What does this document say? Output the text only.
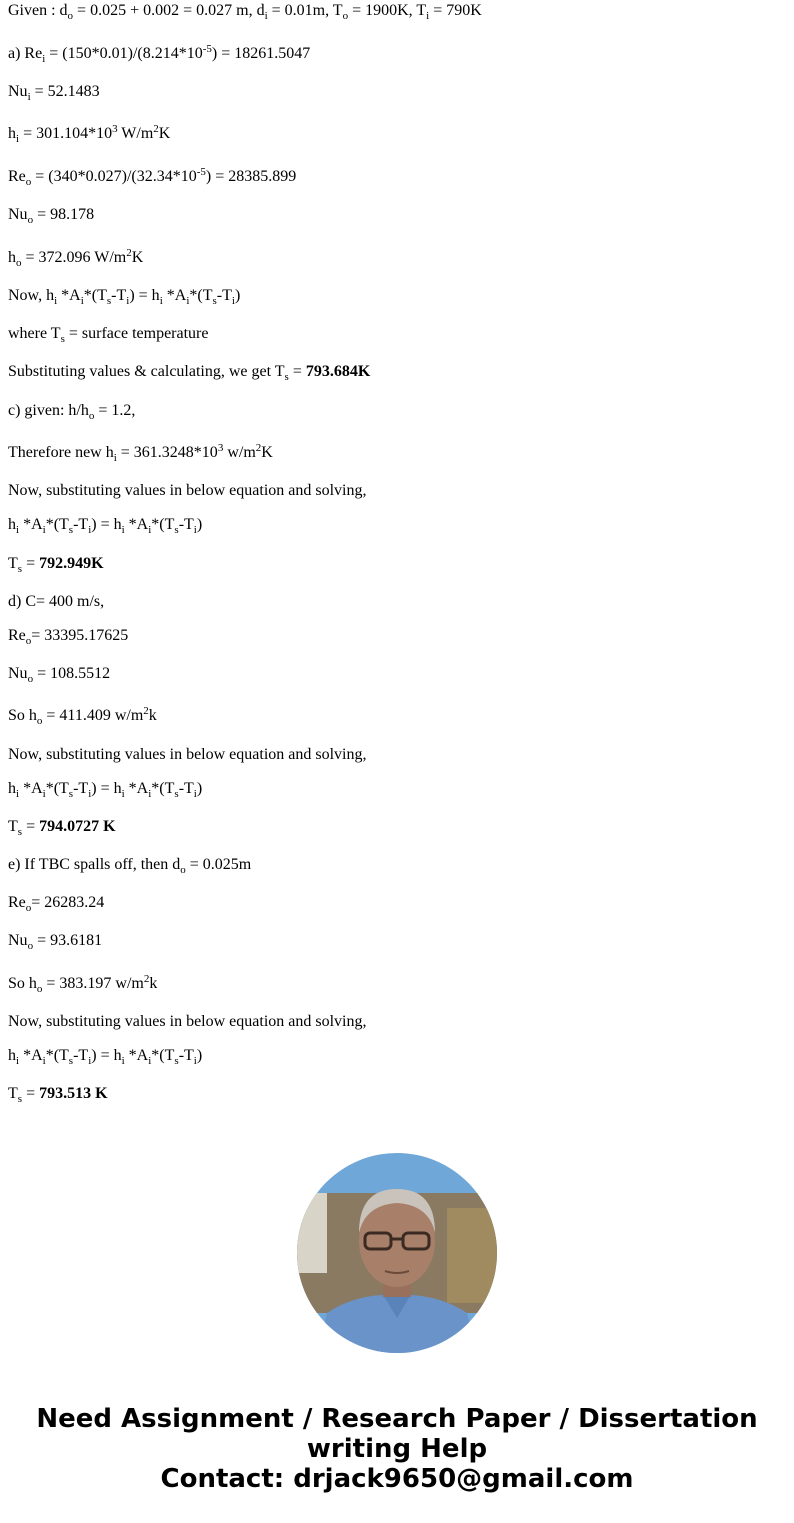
Given : $d_o = 0.025 + 0.002 = 0.027$ m, $d_i = 0.01m$, $T_o = 1900K$, $T_i = 790K$
a) $Re_i = (150*0.01)/(8.214*10^{-5}) = 18261.5047$
$Nu_i = 52.1483$
$h_i = 301.104*10^3$ $W/m^2K$
$Re_o = (340*0.027)/(32.34*10^{-5}) = 28385.899$
$Nu_o = 98.178$
$h_o = 372.096$ $W/m^2K$
Now, $h_i$ $*A_i*(T_s-T_i) = h_i$ $*A_i*(T_s-T_i)$
where $T_s$ = surface temperature
Substituting values & calculating, we get $T_s = 793.684K$
c) given: $h/h_o = 1.2$,
Therefore new $h_i = 361.3248*10^3$ $w/m^2K$
Now, substituting values in below equation and solving,
$h_i$ $*A_i*(T_s-T_i) = h_i$ $*A_i*(T_s-T_i)$
$T_s = 792.949K$
d) C= 400 m/s,
$Re_o= 33395.17625$
$Nu_o = 108.5512$
So $h_o = 411.409$ $w/m^2k$
Now, substituting values in below equation and solving,
$h_i$ $*A_i*(T_s-T_i) = h_i$ $*A_i*(T_s-T_i)$
$T_s = 794.0727$ K
e) If TBC spalls off, then $d_o = 0.025m$
$Re_o= 26283.24$
$Nu_o = 93.6181$
So $h_o = 383.197$ $w/m^2k$
Now, substituting values in below equation and solving,
$h_i$ $*A_i*(T_s-T_i) = h_i$ $*A_i*(T_s-T_i)$
$T_s = 793.513$ K
Need Assignment / Research Paper / Dissertation
writing Help
Contact: drjack9650@gmail.com
